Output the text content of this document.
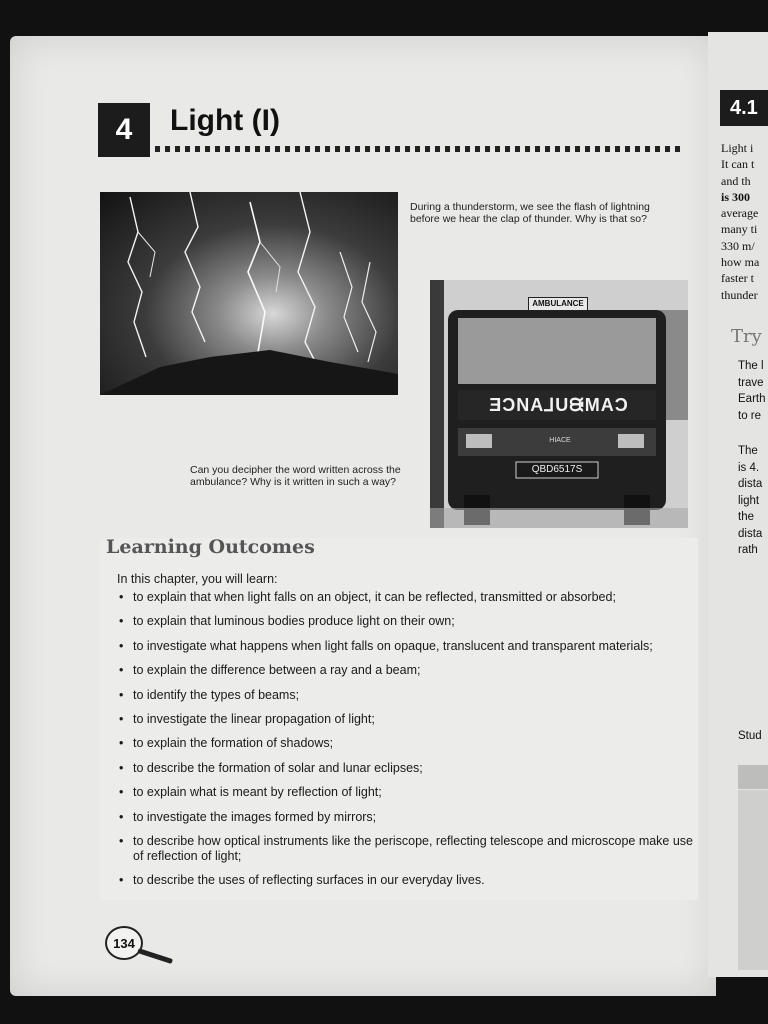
4	Light (I)
During a thunderstorm, we see the flash of lightning before we hear the clap of thunder. Why is that so?
AMBULANCE
ƎƆNA⅃UᙠMAƆ
HIACE
QBD6517S
Can you decipher the word written across the ambulance? Why is it written in such a way?
Learning Outcomes
In this chapter, you will learn:
• to explain that when light falls on an object, it can be reflected, transmitted or absorbed;
• to explain that luminous bodies produce light on their own;
• to investigate what happens when light falls on opaque, translucent and transparent materials;
• to explain the difference between a ray and a beam;
• to identify the types of beams;
• to investigate the linear propagation of light;
• to explain the formation of shadows;
• to describe the formation of solar and lunar eclipses;
• to explain what is meant by reflection of light;
• to investigate the images formed by mirrors;
• to describe how optical instruments like the periscope, reflecting telescope and microscope make use of reflection of light;
• to describe the uses of reflecting surfaces in our everyday lives.
134
4.1
Light i
It can t
and th
is 300
average
many ti
330 m/
how ma
faster t
thunder
Try
The l
trave
Earth
to re
The
is 4.
dista
light
the
dista
rath
Stud
